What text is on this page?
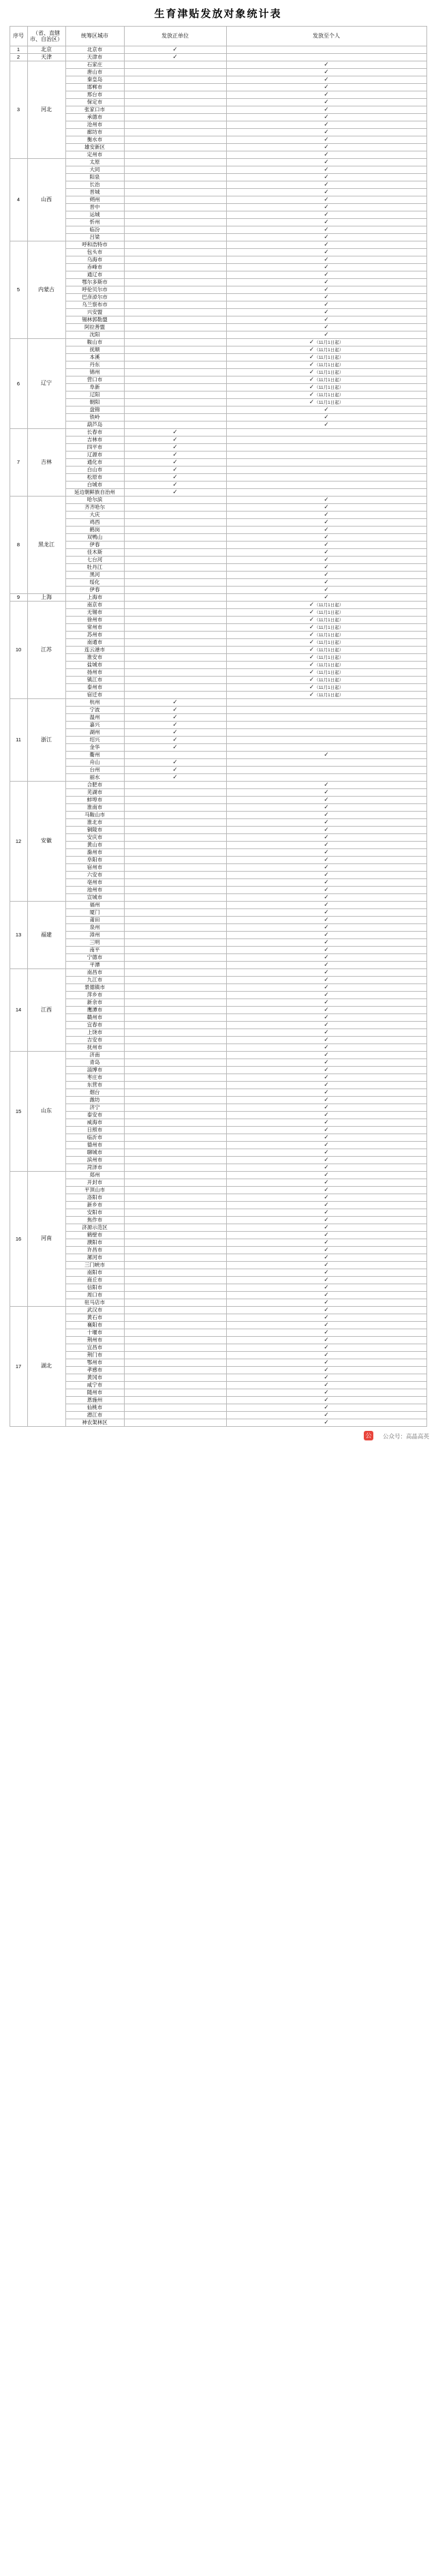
生育津贴发放对象统计表
序号	（省、直辖市、自治区）	统筹区城市	发放正单位	发放至个人
1	北京	北京市	✓	
2	天津	天津市	✓	
3	河北	石家庄		✓
		唐山市		✓
		秦皇岛		✓
		邯郸市		✓
		邢台市		✓
		保定市		✓
		张家口市		✓
		承德市		✓
		沧州市		✓
		廊坊市		✓
		衡水市		✓
		雄安新区		✓
		定州市		✓
4	山西	太原		✓
		大同		✓
		阳泉		✓
		长治		✓
		晋城		✓
		朔州		✓
		晋中		✓
		运城		✓
		忻州		✓
		临汾		✓
		吕梁		✓
5	内蒙古	呼和浩特市		✓
		包头市		✓
		乌海市		✓
		赤峰市		✓
		通辽市		✓
		鄂尔多斯市		✓
		呼伦贝尔市		✓
		巴彦淖尔市		✓
		乌兰察布市		✓
		兴安盟		✓
		锡林郭勒盟		✓
		阿拉善盟		✓
		沈阳		✓
6	辽宁	鞍山市		✓（11月1日起）
		抚顺		✓（11月1日起）
		本溪		✓（11月1日起）
		丹东		✓（11月1日起）
		锦州		✓（11月1日起）
		营口市		✓（11月1日起）
		阜新		✓（11月1日起）
		辽阳		✓（11月1日起）
		朝阳		✓（11月1日起）
		盘锦		✓
		铁岭		✓
		葫芦岛		✓
7	吉林	长春市	✓	
		吉林市	✓	
		四平市	✓	
		辽源市	✓	
		通化市	✓	
		白山市	✓	
		松原市	✓	
		白城市	✓	
		延边朝鲜族自治州	✓	
8	黑龙江	哈尔滨		✓
		齐齐哈尔		✓
		大庆		✓
		鸡西		✓
		鹤岗		✓
		双鸭山		✓
		伊春		✓
		佳木斯		✓
		七台河		✓
		牡丹江		✓
		黑河		✓
		绥化		✓
		伊春		✓
9	上海	上海市		✓
10	江苏	南京市		✓（11月1日起）
		无锡市		✓（11月1日起）
		徐州市		✓（11月1日起）
		常州市		✓（11月1日起）
		苏州市		✓（11月1日起）
		南通市		✓（11月1日起）
		连云港市		✓（11月1日起）
		淮安市		✓（11月1日起）
		盐城市		✓（11月1日起）
		扬州市		✓（11月1日起）
		镇江市		✓（11月1日起）
		泰州市		✓（11月1日起）
		宿迁市		✓（11月1日起）
11	浙江	杭州	✓	
		宁波	✓	
		温州	✓	
		嘉兴	✓	
		湖州	✓	
		绍兴	✓	
		金华	✓	
		衢州		✓
		舟山	✓	
		台州	✓	
		丽水	✓	
12	安徽	合肥市		✓
		芜湖市		✓
		蚌埠市		✓
		淮南市		✓
		马鞍山市		✓
		淮北市		✓
		铜陵市		✓
		安庆市		✓
		黄山市		✓
		滁州市		✓
		阜阳市		✓
		宿州市		✓
		六安市		✓
		亳州市		✓
		池州市		✓
		宣城市		✓
13	福建	福州		✓
		厦门		✓
		莆田		✓
		泉州		✓
		漳州		✓
		三明		✓
		南平		✓
		宁德市		✓
		平潭		✓
14	江西	南昌市		✓
		九江市		✓
		景德镇市		✓
		萍乡市		✓
		新余市		✓
		鹰潭市		✓
		赣州市		✓
		宜春市		✓
		上饶市		✓
		吉安市		✓
		抚州市		✓
15	山东	济南		✓
		青岛		✓
		淄博市		✓
		枣庄市		✓
		东营市		✓
		烟台		✓
		潍坊		✓
		济宁		✓
		泰安市		✓
		威海市		✓
		日照市		✓
		临沂市		✓
		德州市		✓
		聊城市		✓
		滨州市		✓
		菏泽市		✓
16	河南	郑州		✓
		开封市		✓
		平顶山市		✓
		洛阳市		✓
		新乡市		✓
		安阳市		✓
		焦作市		✓
		济源示范区		✓
		鹤壁市		✓
		濮阳市		✓
		许昌市		✓
		漯河市		✓
		三门峡市		✓
		南阳市		✓
		商丘市		✓
		信阳市		✓
		周口市		✓
		驻马店市		✓
17	湖北	武汉市		✓
		黄石市		✓
		襄阳市		✓
		十堰市		✓
		荆州市		✓
		宜昌市		✓
		荆门市		✓
		鄂州市		✓
		孝感市		✓
		黄冈市		✓
		咸宁市		✓
		随州市		✓
		恩施州		✓
		仙桃市		✓
		潜江市		✓
		神农架林区		✓
公 公众号：高晶高英
